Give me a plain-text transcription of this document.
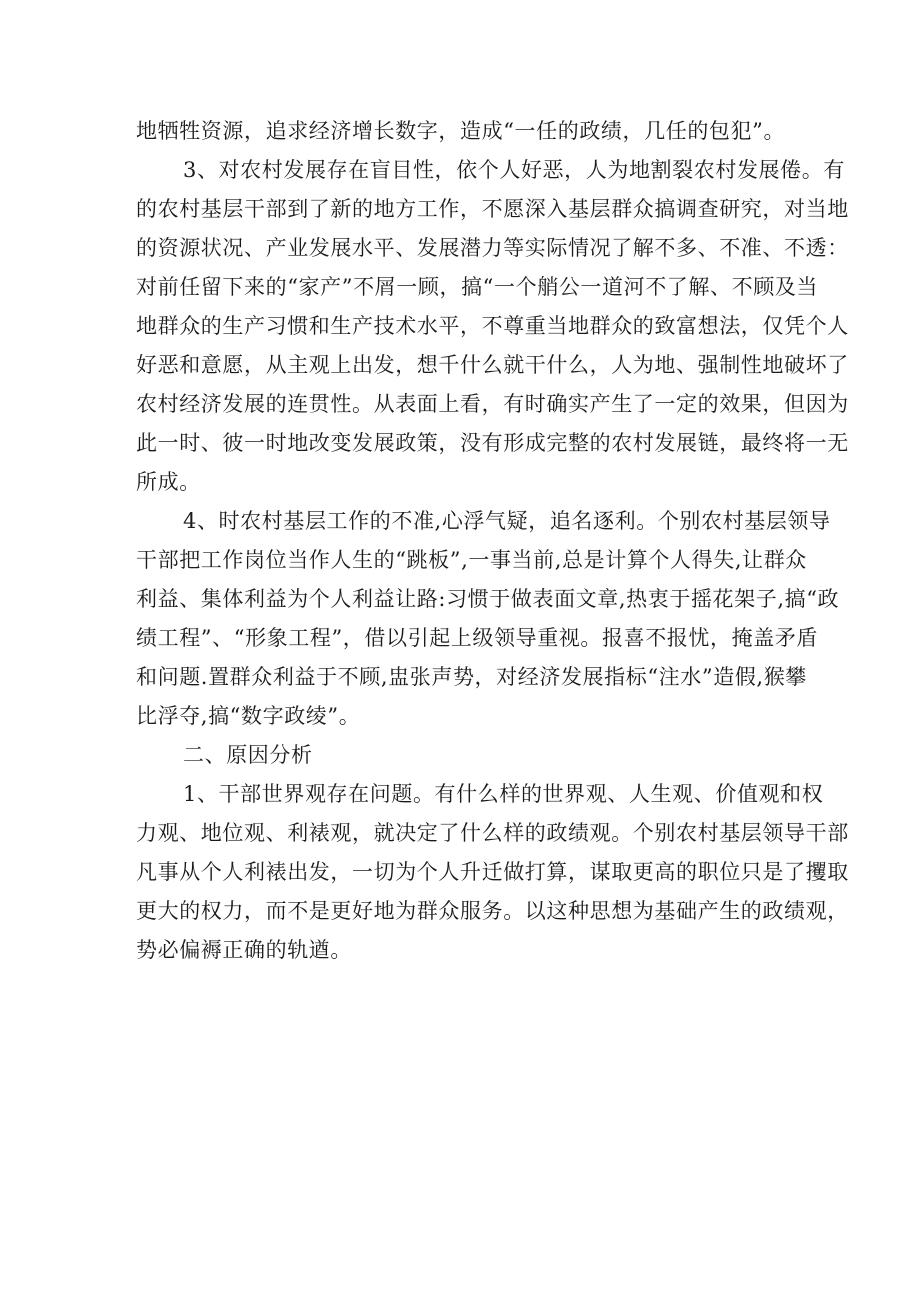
地牺牲资源，追求经济增长数字，造成“一任的政绩，几任的包犯”。

3、对农村发展存在盲目性，依个人好恶，人为地割裂农村发展倦。有
的农村基层干部到了新的地方工作，不愿深入基层群众搞调查研究，对当地
的资源状况、产业发展水平、发展潜力等实际情况了解不多、不准、不透：
对前任留下来的“家产”不屑一顾，搞“一个艄公一道河不了解、不顾及当
地群众的生产习惯和生产技术水平，不尊重当地群众的致富想法，仅凭个人
好恶和意愿，从主观上出发，想千什么就干什么，人为地、强制性地破坏了
农村经济发展的连贯性。从表面上看，有时确实产生了一定的效果，但因为
此一时、彼一时地改变发展政策，没有形成完整的农村发展链，最终将一无
所成。

4、时农村基层工作的不准,心浮气疑，追名逐利。个别农村基层领导
干部把工作岗位当作人生的“跳板”,一事当前,总是计算个人得失,让群众
利益、集体利益为个人利益让路:习惯于做表面文章,热衷于摇花架子,搞“政
绩工程”、“形象工程”，借以引起上级领导重视。报喜不报忧，掩盖矛盾
和问题.置群众利益于不顾,盅张声势，对经济发展指标“注水”造假,猴攀
比浮夺,搞“数字政绫”。

二、原因分析

1、干部世界观存在问题。有什么样的世界观、人生观、价值观和权
力观、地位观、利裱观，就决定了什么样的政绩观。个别农村基层领导干部
凡事从个人利裱出发，一切为个人升迁做打算，谋取更高的职位只是了攫取
更大的权力，而不是更好地为群众服务。以这种思想为基础产生的政绩观，
势必偏褥正确的轨遒。
